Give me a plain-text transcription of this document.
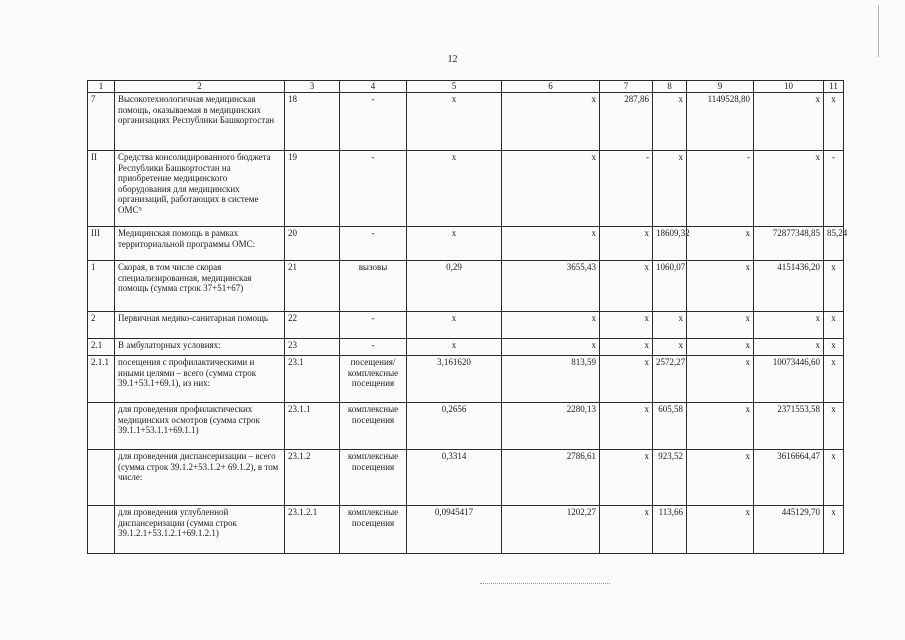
12
1	2	3	4	5	6	7	8	9	10	11
7	Высокотехнологичная медицинская помощь, оказываемая в медицинских организациях Республики Башкортостан	18	-	x	x	287,86	x	1149528,80	x	x
II	Средства консолидированного бюджета Республики Башкортостан на приобретение медицинского оборудования для медицинских организаций, работающих в системе ОМС⁹	19	-	x	x	-	x	-	x	-
III	Медицинская помощь в рамках территориальной программы ОМС:	20	-	x	x	x	18609,32	x	72877348,85	85,24
1	Скорая, в том числе скорая специализированная, медицинская помощь (сумма строк 37+51+67)	21	вызовы	0,29	3655,43	x	1060,07	x	4151436,20	x
2	Первичная медико-санитарная помощь	22	-	x	x	x	x	x	x	x
2.1	В амбулаторных условиях:	23	-	x	x	x	x	x	x	x
2.1.1	посещения с профилактическими и иными целями – всего (сумма строк 39.1+53.1+69.1), из них:	23.1	посещения/ комплексные посещения	3,161620	813,59	x	2572,27	x	10073446,60	x
	для проведения профилактических медицинских осмотров (сумма строк 39.1.1+53.1.1+69.1.1)	23.1.1	комплексные посещения	0,2656	2280,13	x	605,58	x	2371553,58	x
	для проведения диспансеризации – всего (сумма строк 39.1.2+53.1.2+ 69.1.2), в том числе:	23.1.2	комплексные посещения	0,3314	2786,61	x	923,52	x	3616664,47	x
	для проведения углубленной диспансеризации (сумма строк 39.1.2.1+53.1.2.1+69.1.2.1)	23.1.2.1	комплексные посещения	0,0945417	1202,27	x	113,66	x	445129,70	x
